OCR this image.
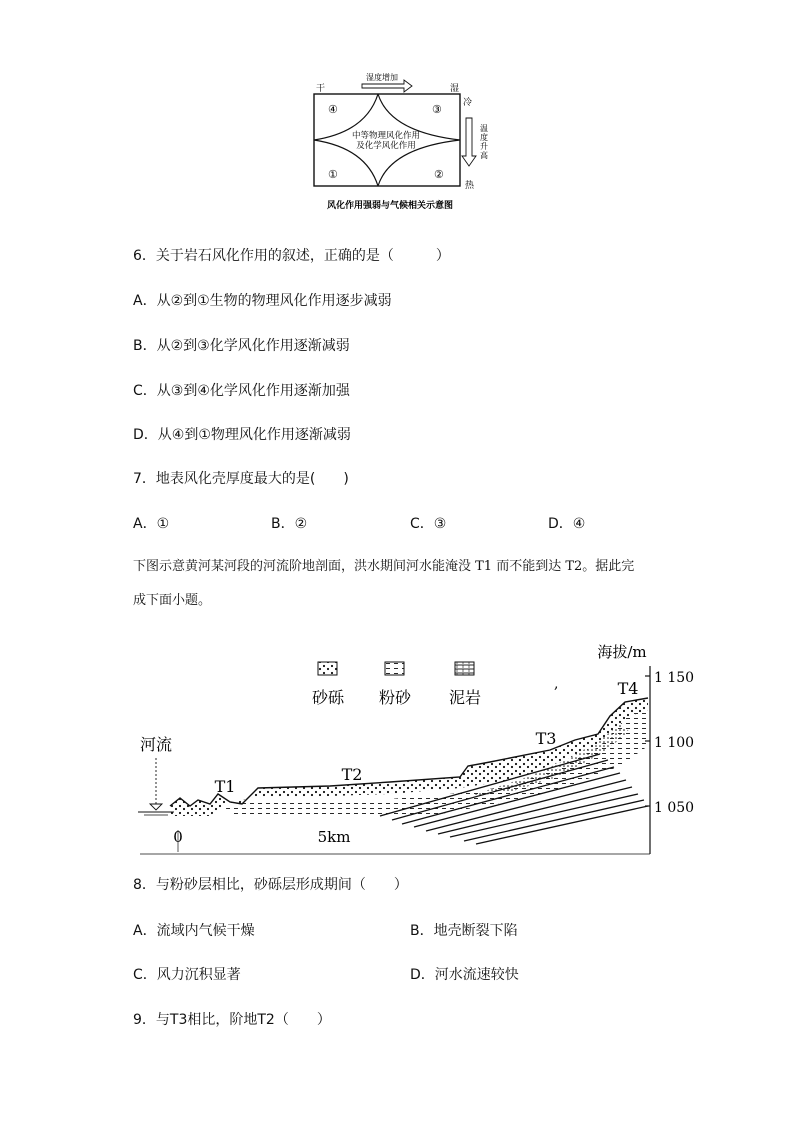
湿度增加
干	湿
冷
热
温
度
升
高
④	③
①	②
中等物理风化作用
及化学风化作用
风化作用强弱与气候相关示意图
6．关于岩石风化作用的叙述，正确的是（　　　）
A．从②到①生物的物理风化作用逐步减弱
B．从②到③化学风化作用逐渐减弱
C．从③到④化学风化作用逐渐加强
D．从④到①物理风化作用逐渐减弱
7．地表风化壳厚度最大的是(　　)
A．①	B．②	C．③	D．④
下图示意黄河某河段的河流阶地剖面，洪水期间河水能淹没 T1 而不能到达 T2。据此完
成下面小题。
海拔/m
1 150
1 100
1 050
砂砾 粉砂 泥岩
,
河流
T1
T2
T3
T4
0	5km
8．与粉砂层相比，砂砾层形成期间（　　）
A．流域内气候干燥	B．地壳断裂下陷
C．风力沉积显著	D．河水流速较快
9．与T3相比，阶地T2（　　）
